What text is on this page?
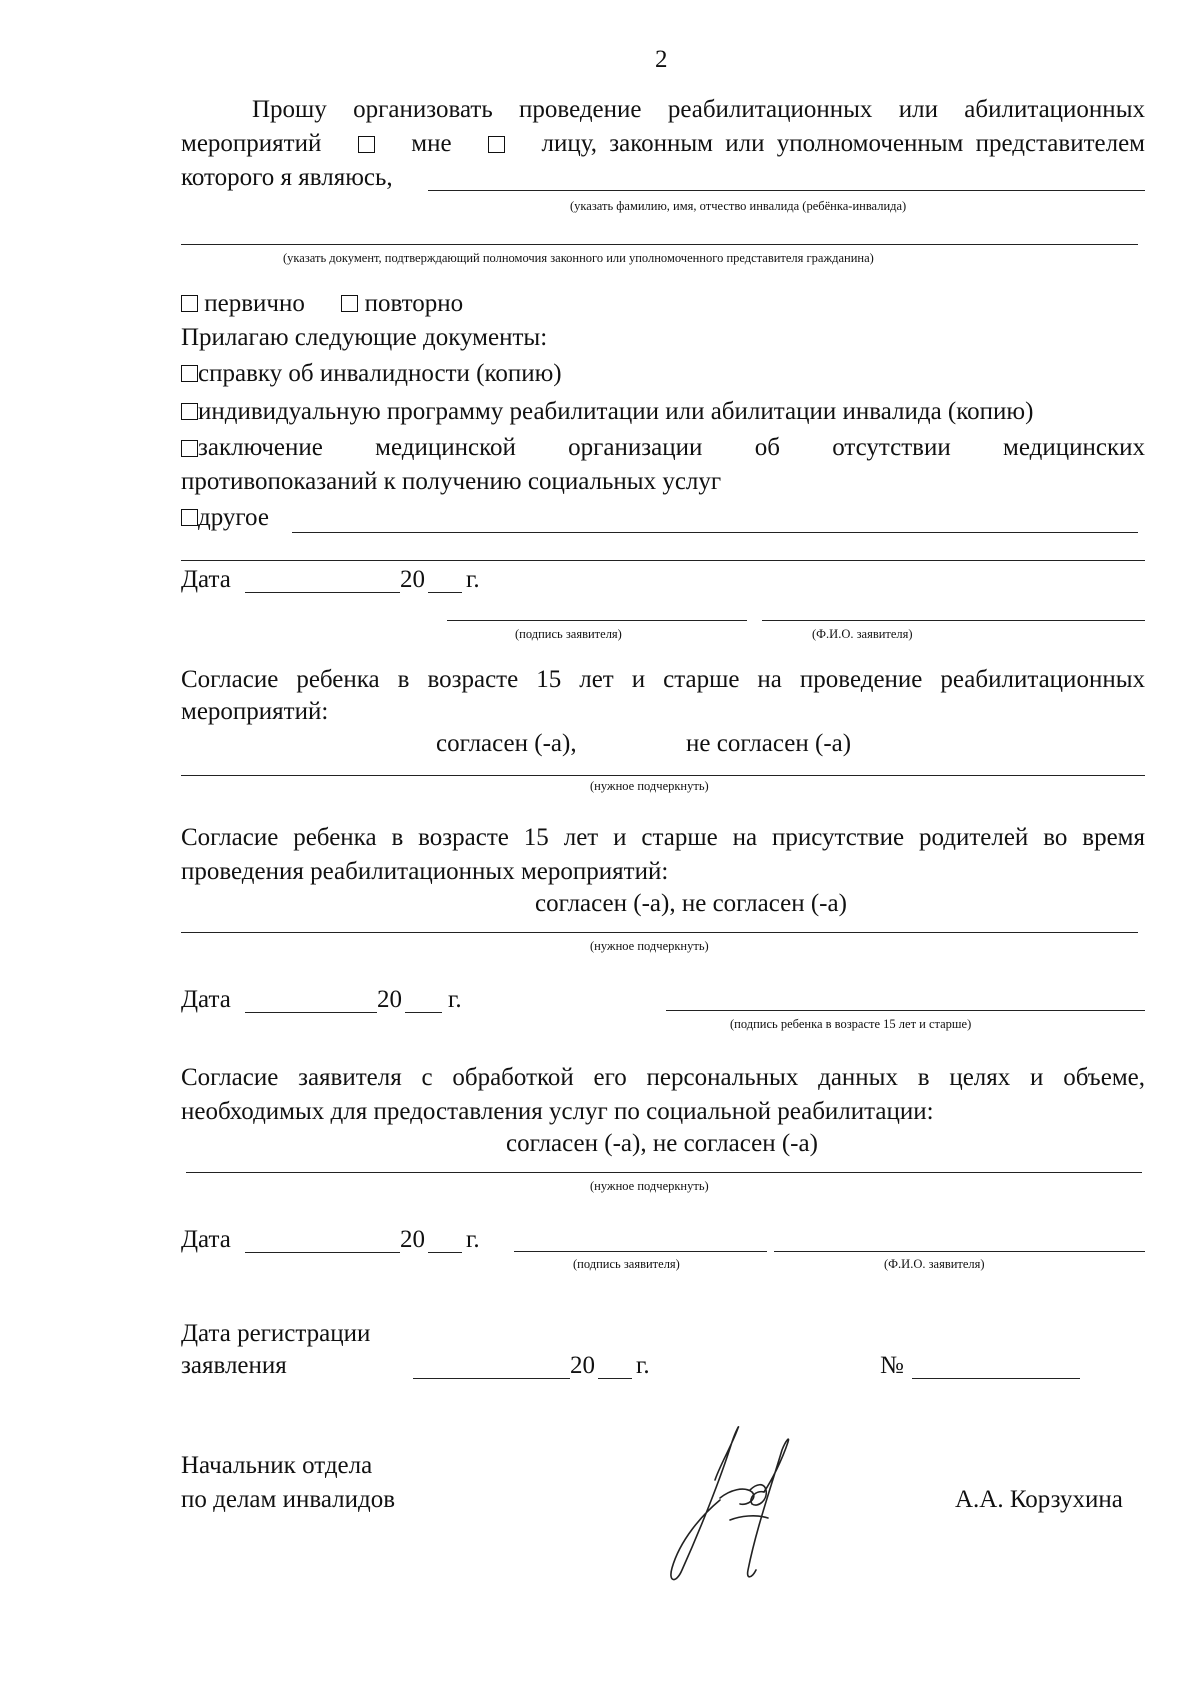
2
Прошу организовать проведение реабилитационных или абилитационных
мероприятий	мне	лицу, законным или уполномоченным представителем
которого я являюсь,
(указать фамилию, имя, отчество инвалида (ребёнка-инвалида)
(указать документ, подтверждающий полномочия законного или уполномоченного представителя гражданина)
первично повторно
Прилагаю следующие документы:
справку об инвалидности (копию)
индивидуальную программу реабилитации или абилитации инвалида (копию)
заключение медицинской организации об отсутствии медицинских
противопоказаний к получению социальных услуг
другое
Дата	20 г.
(подпись заявителя)	(Ф.И.О. заявителя)
Согласие ребенка в возрасте 15 лет и старше на проведение реабилитационных
мероприятий:
согласен (-а),	не согласен (-а)
(нужное подчеркнуть)
Согласие ребенка в возрасте 15 лет и старше на присутствие родителей во время
проведения реабилитационных мероприятий:
согласен (-а), не согласен (-а)
(нужное подчеркнуть)
Дата	20 г.
(подпись ребенка в возрасте 15 лет и старше)
Согласие заявителя с обработкой его персональных данных в целях и объеме,
необходимых для предоставления услуг по социальной реабилитации:
согласен (-а), не согласен (-а)
(нужное подчеркнуть)
Дата	20 г.
(подпись заявителя)	(Ф.И.О. заявителя)
Дата регистрации
заявления	20 г.	№
Начальник отдела
по делам инвалидов	А.А. Корзухина
